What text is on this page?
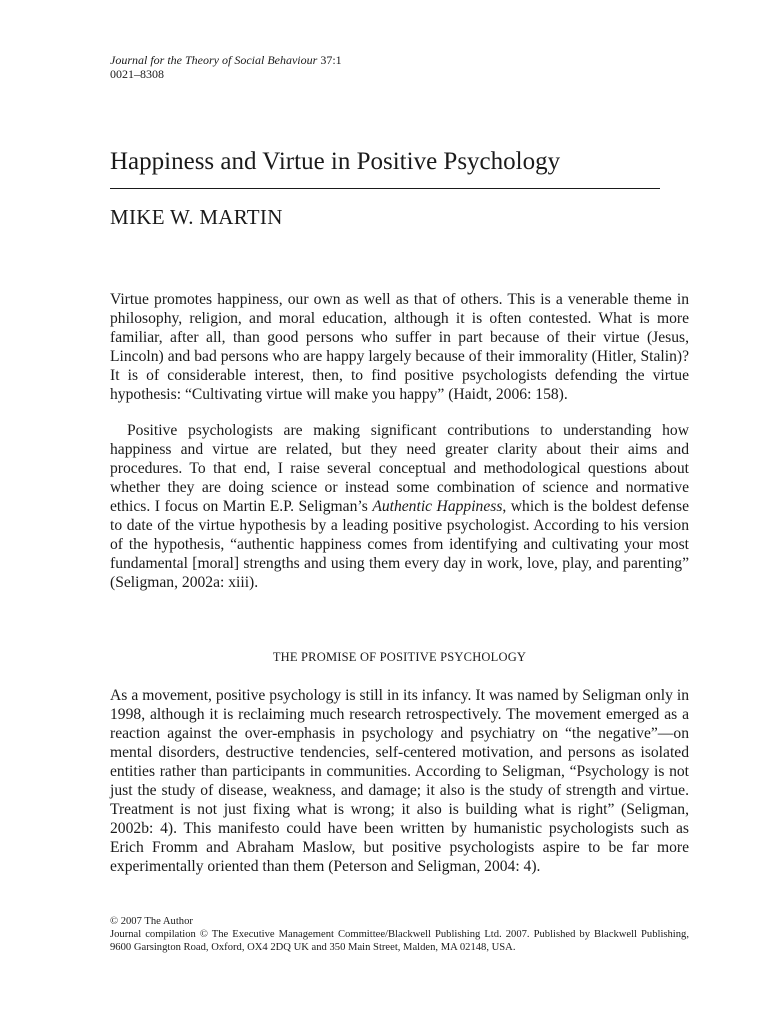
Journal for the Theory of Social Behaviour 37:1
0021–8308
Happiness and Virtue in Positive Psychology
MIKE W. MARTIN
Virtue promotes happiness, our own as well as that of others. This is a venerable theme in philosophy, religion, and moral education, although it is often contested. What is more familiar, after all, than good persons who suffer in part because of their virtue (Jesus, Lincoln) and bad persons who are happy largely because of their immorality (Hitler, Stalin)? It is of considerable interest, then, to find positive psychologists defending the virtue hypothesis: “Cultivating virtue will make you happy” (Haidt, 2006: 158).
Positive psychologists are making significant contributions to understanding how happiness and virtue are related, but they need greater clarity about their aims and procedures. To that end, I raise several conceptual and methodological questions about whether they are doing science or instead some combination of science and normative ethics. I focus on Martin E.P. Seligman’s Authentic Happiness, which is the boldest defense to date of the virtue hypothesis by a leading positive psychologist. According to his version of the hypothesis, “authentic happiness comes from identifying and cultivating your most fundamental [moral] strengths and using them every day in work, love, play, and parenting” (Seligman, 2002a: xiii).
THE PROMISE OF POSITIVE PSYCHOLOGY
As a movement, positive psychology is still in its infancy. It was named by Seligman only in 1998, although it is reclaiming much research retrospectively. The movement emerged as a reaction against the over-emphasis in psychology and psychiatry on “the negative”—on mental disorders, destructive tendencies, self-centered motivation, and persons as isolated entities rather than participants in communities. According to Seligman, “Psychology is not just the study of disease, weakness, and damage; it also is the study of strength and virtue. Treatment is not just fixing what is wrong; it also is building what is right” (Seligman, 2002b: 4). This manifesto could have been written by humanistic psychologists such as Erich Fromm and Abraham Maslow, but positive psychologists aspire to be far more experimentally oriented than them (Peterson and Seligman, 2004: 4).
© 2007 The Author
Journal compilation © The Executive Management Committee/Blackwell Publishing Ltd. 2007. Published by Blackwell Publishing, 9600 Garsington Road, Oxford, OX4 2DQ UK and 350 Main Street, Malden, MA 02148, USA.
